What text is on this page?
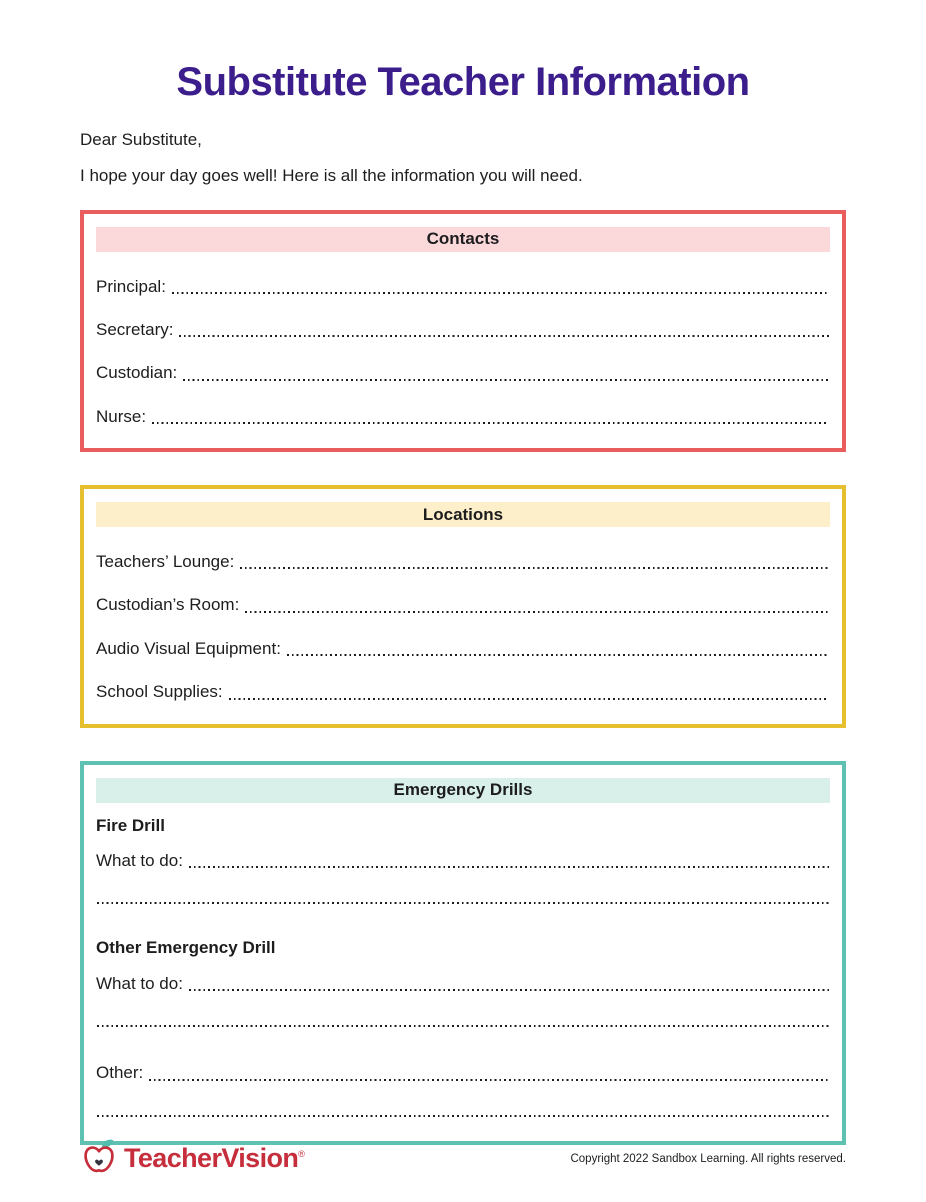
Substitute Teacher Information

Dear Substitute,

I hope your day goes well! Here is all the information you will need.

Contacts
Principal:
Secretary:
Custodian:
Nurse:
Locations
Teachers’ Lounge:
Custodian’s Room:
Audio Visual Equipment:
School Supplies:
Emergency Drills
Fire Drill
What to do:
Other Emergency Drill
What to do:
Other:
TeacherVision®	Copyright 2022 Sandbox Learning. All rights reserved.
